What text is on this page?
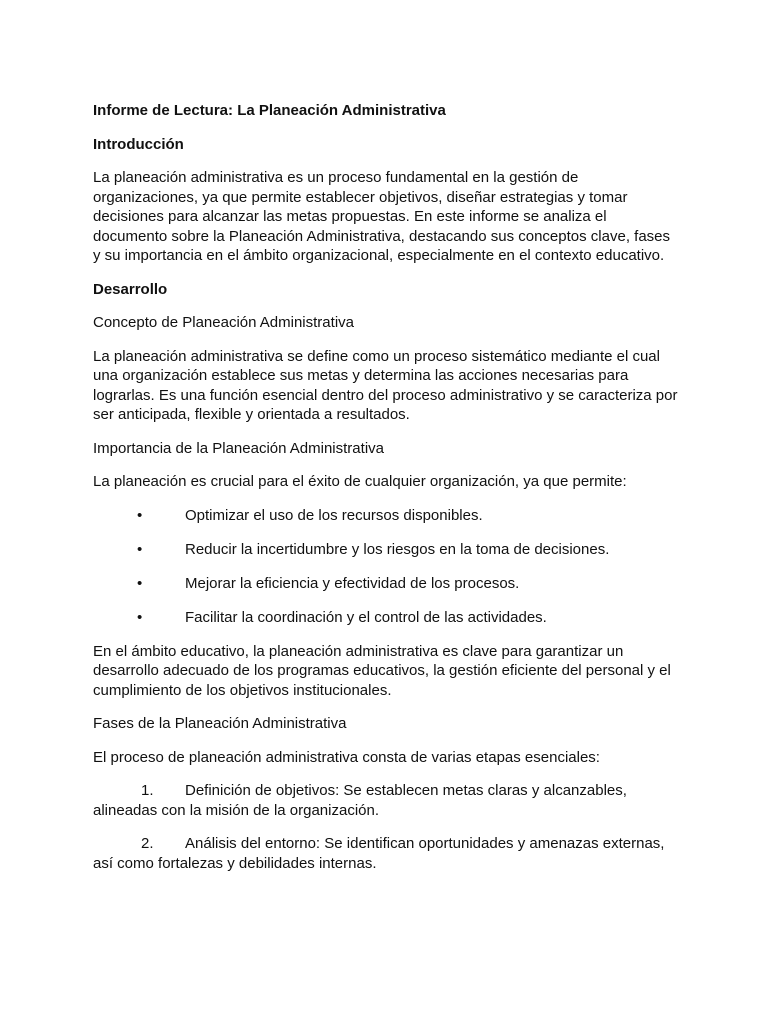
Informe de Lectura: La Planeación Administrativa

Introducción

La planeación administrativa es un proceso fundamental en la gestión de organizaciones, ya que permite establecer objetivos, diseñar estrategias y tomar decisiones para alcanzar las metas propuestas. En este informe se analiza el documento sobre la Planeación Administrativa, destacando sus conceptos clave, fases y su importancia en el ámbito organizacional, especialmente en el contexto educativo.

Desarrollo

Concepto de Planeación Administrativa

La planeación administrativa se define como un proceso sistemático mediante el cual una organización establece sus metas y determina las acciones necesarias para lograrlas. Es una función esencial dentro del proceso administrativo y se caracteriza por ser anticipada, flexible y orientada a resultados.

Importancia de la Planeación Administrativa

La planeación es crucial para el éxito de cualquier organización, ya que permite:

•	Optimizar el uso de los recursos disponibles.
•	Reducir la incertidumbre y los riesgos en la toma de decisiones.
•	Mejorar la eficiencia y efectividad de los procesos.
•	Facilitar la coordinación y el control de las actividades.

En el ámbito educativo, la planeación administrativa es clave para garantizar un desarrollo adecuado de los programas educativos, la gestión eficiente del personal y el cumplimiento de los objetivos institucionales.

Fases de la Planeación Administrativa

El proceso de planeación administrativa consta de varias etapas esenciales:

1. Definición de objetivos: Se establecen metas claras y alcanzables, alineadas con la misión de la organización.
2. Análisis del entorno: Se identifican oportunidades y amenazas externas, así como fortalezas y debilidades internas.
